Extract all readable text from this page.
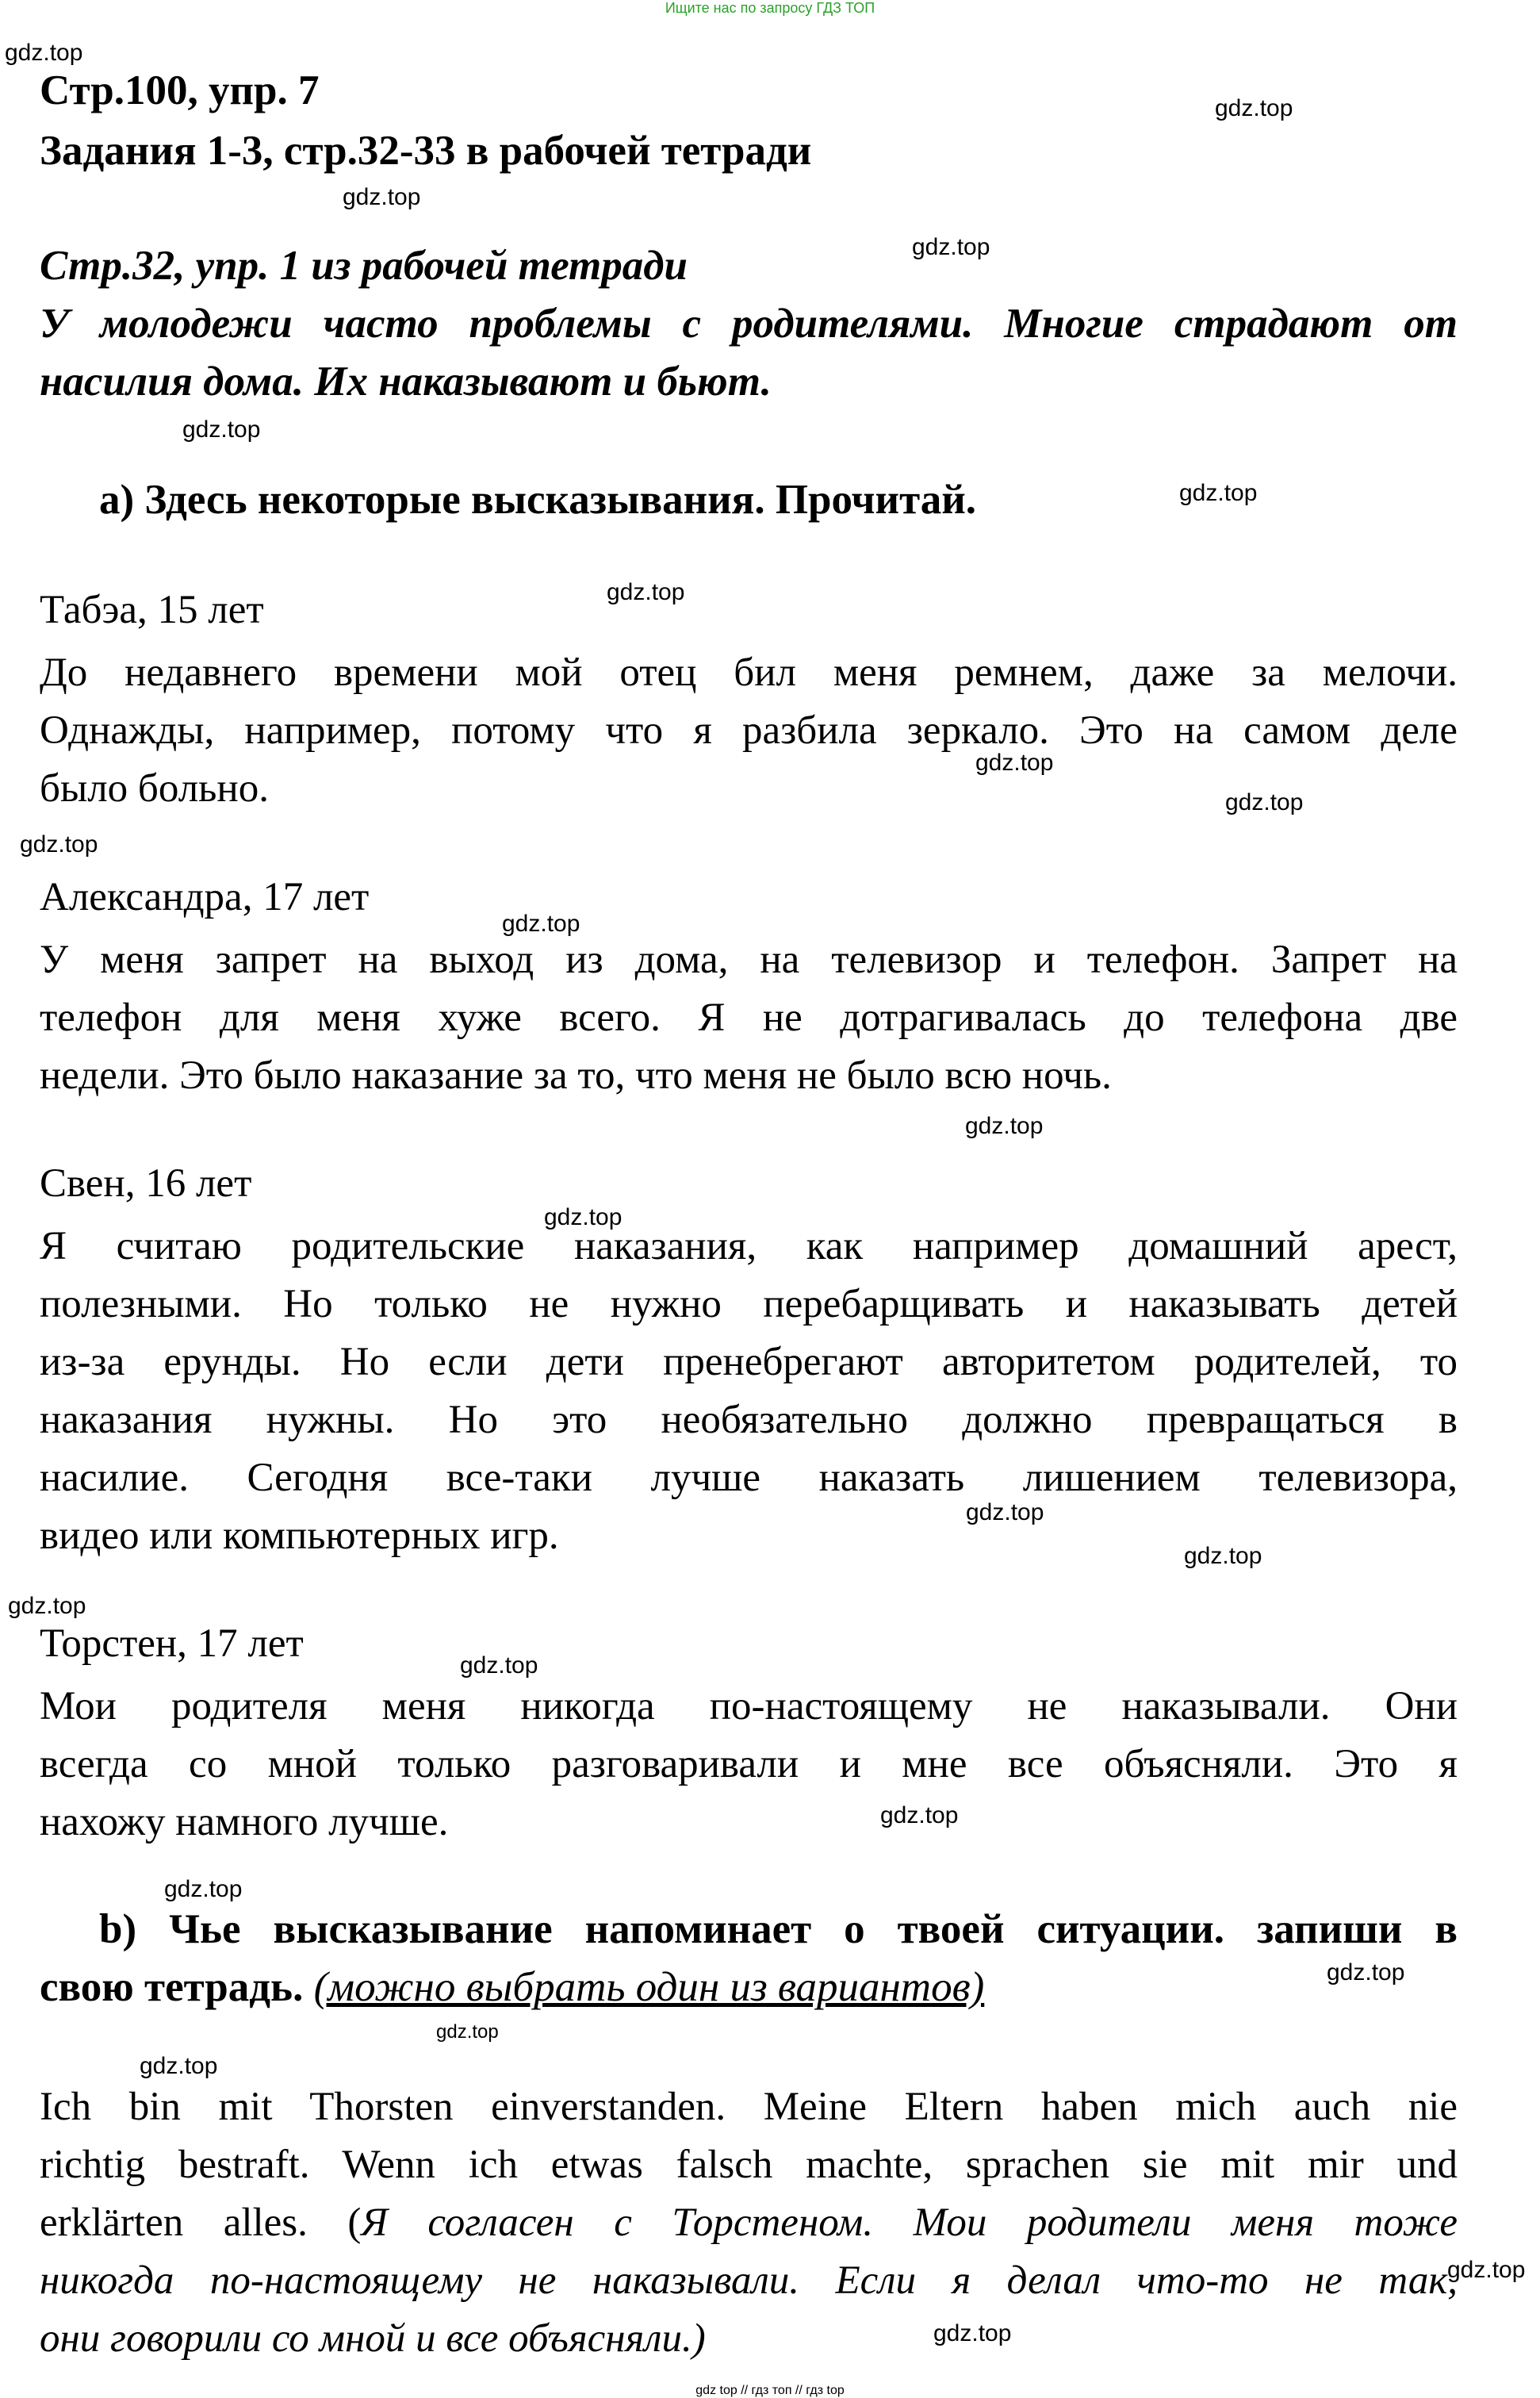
Ищите нас по запросу ГДЗ ТОП
Стр.100, упр. 7
Задания 1-3, стр.32-33 в рабочей тетради
Стр.32, упр. 1 из рабочей тетради
У молодежи часто проблемы с родителями. Многие страдают от
насилия дома. Их наказывают и бьют.
a) Здесь некоторые высказывания. Прочитай.
Табэа, 15 лет
До недавнего времени мой отец бил меня ремнем, даже за мелочи.
Однажды, например, потому что я разбила зеркало. Это на самом деле
было больно.
Александра, 17 лет
У меня запрет на выход из дома, на телевизор и телефон. Запрет на
телефон для меня хуже всего. Я не дотрагивалась до телефона две
недели. Это было наказание за то, что меня не было всю ночь.
Свен, 16 лет
Я считаю родительские наказания, как например домашний арест,
полезными. Но только не нужно перебарщивать и наказывать детей
из-за ерунды. Но если дети пренебрегают авторитетом родителей, то
наказания нужны. Но это необязательно должно превращаться в
насилие. Сегодня все-таки лучше наказать лишением телевизора,
видео или компьютерных игр.
Торстен, 17 лет
Мои родителя меня никогда по-настоящему не наказывали. Они
всегда со мной только разговаривали и мне все объясняли. Это я
нахожу намного лучше.
b) Чье высказывание напоминает о твоей ситуации. запиши в
свою тетрадь. (можно выбрать один из вариантов)
Ich bin mit Thorsten einverstanden. Meine Eltern haben mich auch nie
richtig bestraft. Wenn ich etwas falsch machte, sprachen sie mit mir und
erklärten alles. (Я согласен с Торстеном. Мои родители меня тоже
никогда по-настоящему не наказывали. Если я делал что-то не так,
они говорили со мной и все объясняли.)
gdz.top
gdz.top
gdz.top
gdz.top
gdz.top
gdz.top
gdz.top
gdz.top
gdz.top
gdz.top
gdz.top
gdz.top
gdz.top
gdz.top
gdz.top
gdz.top
gdz.top
gdz.top
gdz.top
gdz.top
gdz.top
gdz.top
gdz.top
gdz.top
gdz top // гдз топ // гдз top
